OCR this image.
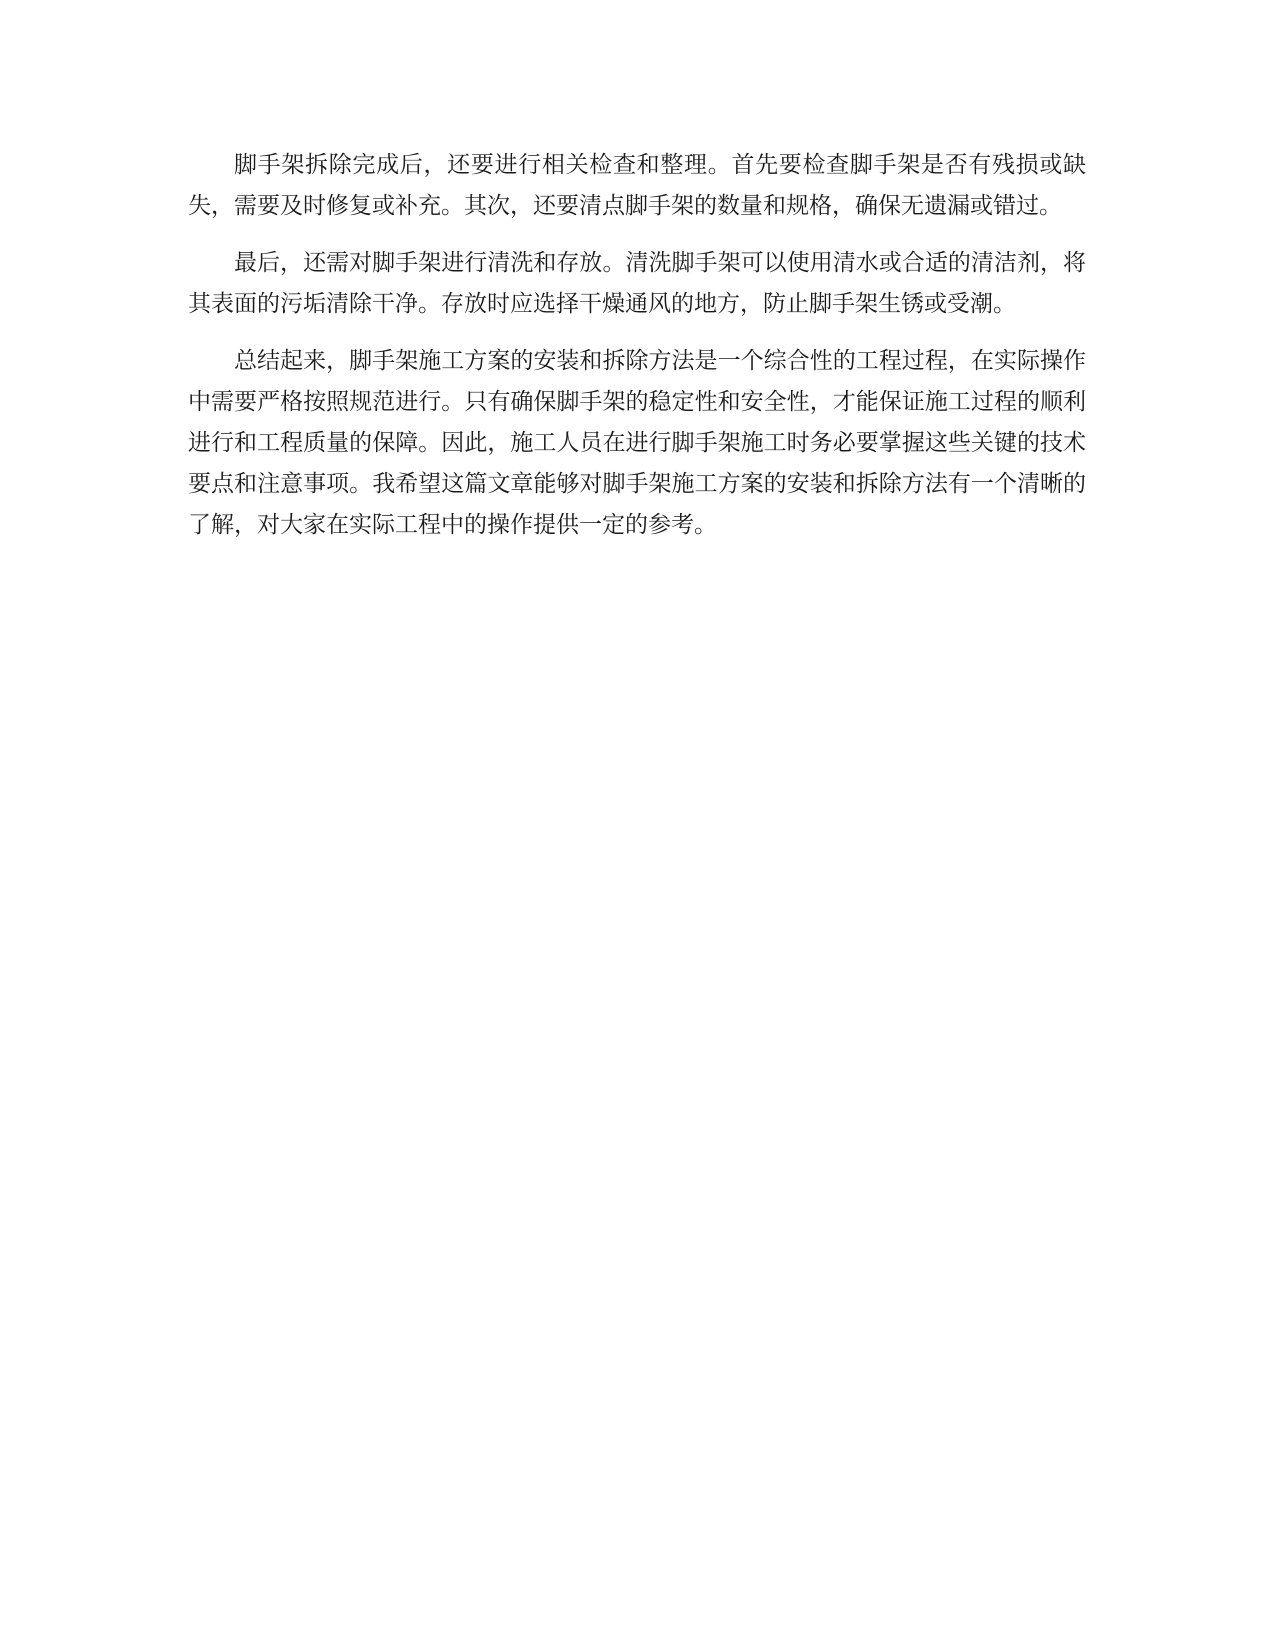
脚手架拆除完成后，还要进行相关检查和整理。首先要检查脚手架是否有残损或缺失，需要及时修复或补充。其次，还要清点脚手架的数量和规格，确保无遗漏或错过。

最后，还需对脚手架进行清洗和存放。清洗脚手架可以使用清水或合适的清洁剂，将其表面的污垢清除干净。存放时应选择干燥通风的地方，防止脚手架生锈或受潮。

总结起来，脚手架施工方案的安装和拆除方法是一个综合性的工程过程，在实际操作中需要严格按照规范进行。只有确保脚手架的稳定性和安全性，才能保证施工过程的顺利进行和工程质量的保障。因此，施工人员在进行脚手架施工时务必要掌握这些关键的技术要点和注意事项。我希望这篇文章能够对脚手架施工方案的安装和拆除方法有一个清晰的了解，对大家在实际工程中的操作提供一定的参考。
